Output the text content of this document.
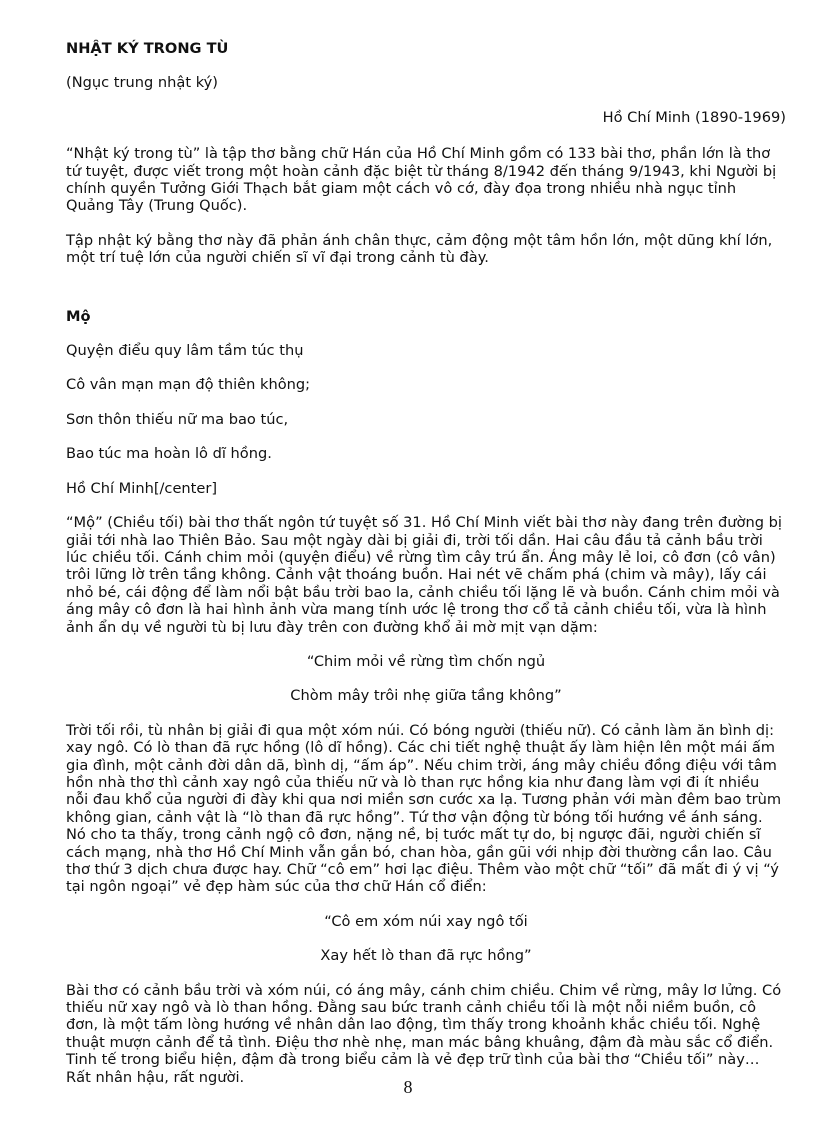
NHẬT KÝ TRONG TÙ

(Ngục trung nhật ký)

Hồ Chí Minh (1890-1969)

“Nhật ký trong tù” là tập thơ bằng chữ Hán của Hồ Chí Minh gồm có 133 bài thơ, phần lớn là thơ tứ tuyệt, được viết trong một hoàn cảnh đặc biệt từ tháng 8/1942 đến tháng 9/1943, khi Người bị chính quyền Tưởng Giới Thạch bắt giam một cách vô cớ, đày đọa trong nhiều nhà ngục tỉnh Quảng Tây (Trung Quốc).

Tập nhật ký bằng thơ này đã phản ánh chân thực, cảm động một tâm hồn lớn, một dũng khí lớn, một trí tuệ lớn của người chiến sĩ vĩ đại trong cảnh tù đày.

Mộ

Quyện điểu quy lâm tầm túc thụ

Cô vân mạn mạn độ thiên không;

Sơn thôn thiếu nữ ma bao túc,

Bao túc ma hoàn lô dĩ hồng.

Hồ Chí Minh[/center]

“Mộ” (Chiều tối) bài thơ thất ngôn tứ tuyệt số 31. Hồ Chí Minh viết bài thơ này đang trên đường bị giải tới nhà lao Thiên Bảo. Sau một ngày dài bị giải đi, trời tối dần. Hai câu đầu tả cảnh bầu trời lúc chiều tối. Cánh chim mỏi (quyện điểu) về rừng tìm cây trú ẩn. Áng mây lẻ loi, cô đơn (cô vân) trôi lững lờ trên tầng không. Cảnh vật thoáng buồn. Hai nét vẽ chấm phá (chim và mây), lấy cái nhỏ bé, cái động để làm nổi bật bầu trời bao la, cảnh chiều tối lặng lẽ và buồn. Cánh chim mỏi và áng mây cô đơn là hai hình ảnh vừa mang tính ước lệ trong thơ cổ tả cảnh chiều tối, vừa là hình ảnh ẩn dụ về người tù bị lưu đày trên con đường khổ ải mờ mịt vạn dặm:

“Chim mỏi về rừng tìm chốn ngủ

Chòm mây trôi nhẹ giữa tầng không”

Trời tối rồi, tù nhân bị giải đi qua một xóm núi. Có bóng người (thiếu nữ). Có cảnh làm ăn bình dị: xay ngô. Có lò than đã rực hồng (lô dĩ hồng). Các chi tiết nghệ thuật ấy làm hiện lên một mái ấm gia đình, một cảnh đời dân dã, bình dị, “ấm áp”. Nếu chim trời, áng mây chiều đồng điệu với tâm hồn nhà thơ thì cảnh xay ngô của thiếu nữ và lò than rực hồng kia như đang làm vợi đi ít nhiều nỗi đau khổ của người đi đày khi qua nơi miền sơn cước xa lạ. Tương phản với màn đêm bao trùm không gian, cảnh vật là “lò than đã rực hồng”. Tứ thơ vận động từ bóng tối hướng về ánh sáng. Nó cho ta thấy, trong cảnh ngộ cô đơn, nặng nề, bị tước mất tự do, bị ngược đãi, người chiến sĩ cách mạng, nhà thơ Hồ Chí Minh vẫn gắn bó, chan hòa, gần gũi với nhịp đời thường cần lao. Câu thơ thứ 3 dịch chưa được hay. Chữ “cô em” hơi lạc điệu. Thêm vào một chữ “tối” đã mất đi ý vị “ý tại ngôn ngoại” vẻ đẹp hàm súc của thơ chữ Hán cổ điển:

“Cô em xóm núi xay ngô tối

Xay hết lò than đã rực hồng”

Bài thơ có cảnh bầu trời và xóm núi, có áng mây, cánh chim chiều. Chim về rừng, mây lơ lửng. Có thiếu nữ xay ngô và lò than hồng. Đằng sau bức tranh cảnh chiều tối là một nỗi niềm buồn, cô đơn, là một tấm lòng hướng về nhân dân lao động, tìm thấy trong khoảnh khắc chiều tối. Nghệ thuật mượn cảnh để tả tình. Điệu thơ nhè nhẹ, man mác bâng khuâng, đậm đà màu sắc cổ điển. Tinh tế trong biểu hiện, đậm đà trong biểu cảm là vẻ đẹp trữ tình của bài thơ “Chiều tối” này… Rất nhân hậu, rất người.	8
